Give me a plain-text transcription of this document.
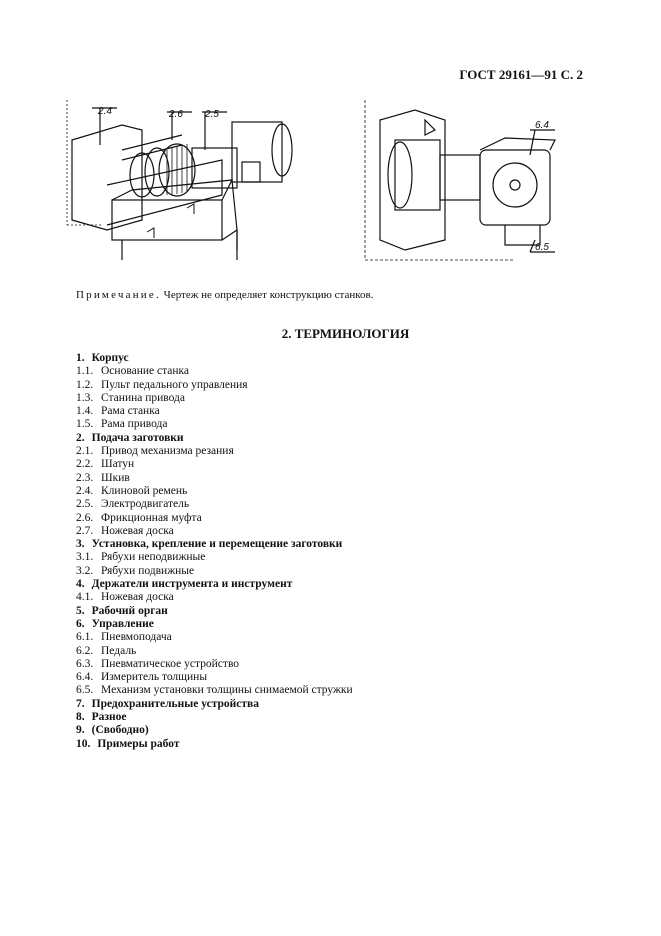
ГОСТ 29161—91 С. 2
2.4	2.6 2.5
6.4
6.5
Примечание. Чертеж не определяет конструкцию станков.
2. ТЕРМИНОЛОГИЯ
1. Корпус
1.1. Основание станка
1.2. Пульт педального управления
1.3. Станина привода
1.4. Рама станка
1.5. Рама привода
2. Подача заготовки
2.1. Привод механизма резания
2.2. Шатун
2.3. Шкив
2.4. Клиновой ремень
2.5. Электродвигатель
2.6. Фрикционная муфта
2.7. Ножевая доска
3. Установка, крепление и перемещение заготовки
3.1. Рябухи неподвижные
3.2. Рябухи подвижные
4. Держатели инструмента и инструмент
4.1. Ножевая доска
5. Рабочий орган
6. Управление
6.1. Пневмоподача
6.2. Педаль
6.3. Пневматическое устройство
6.4. Измеритель толщины
6.5. Механизм установки толщины снимаемой стружки
7. Предохранительные устройства
8. Разное
9. (Свободно)
10. Примеры работ
